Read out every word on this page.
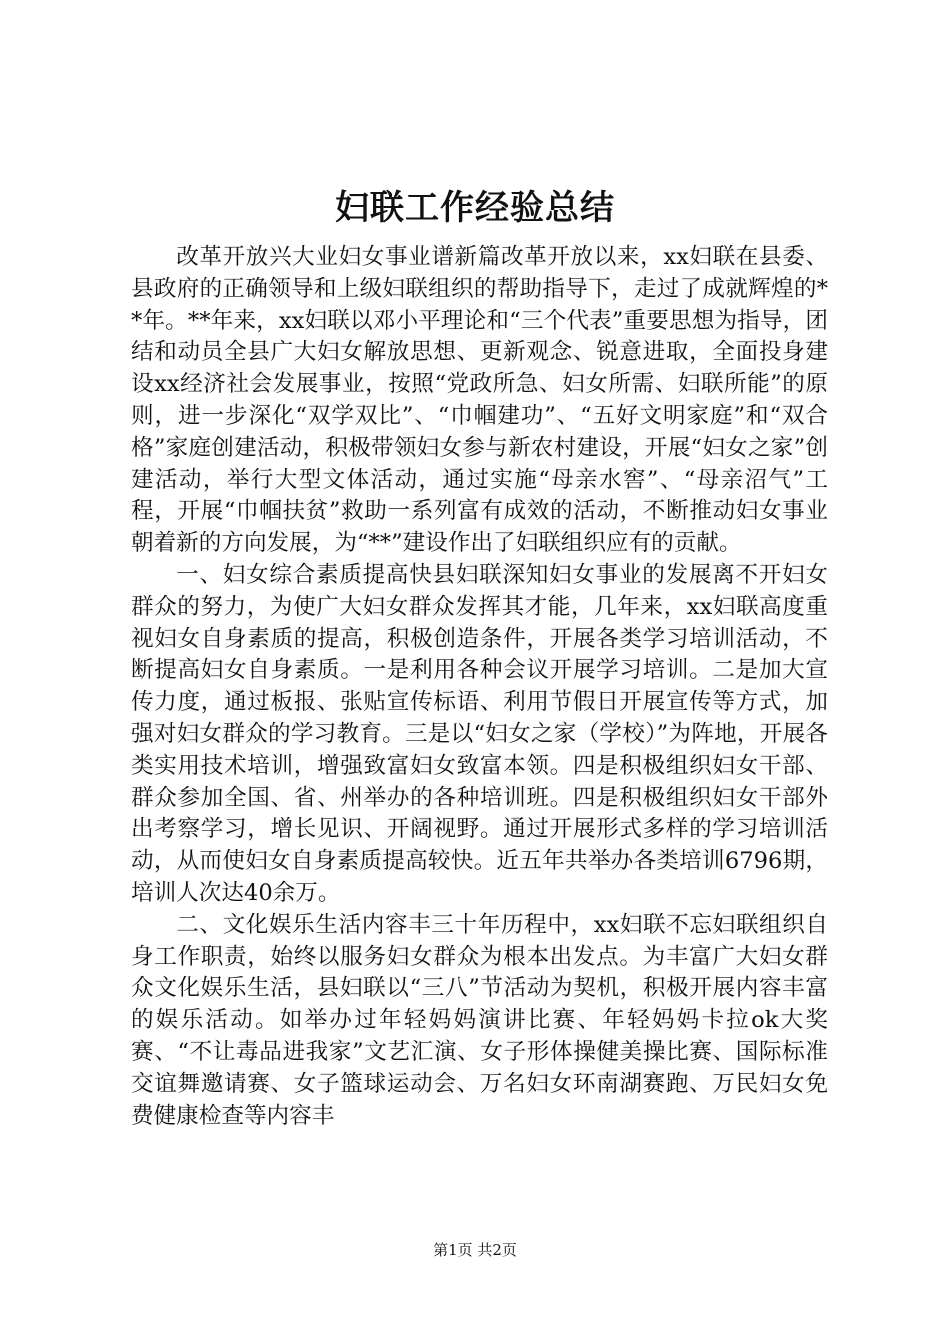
妇联工作经验总结

改革开放兴大业妇女事业谱新篇改革开放以来，xx妇联在县委、县政府的正确领导和上级妇联组织的帮助指导下，走过了成就辉煌的**年。**年来，xx妇联以邓小平理论和“三个代表”重要思想为指导，团结和动员全县广大妇女解放思想、更新观念、锐意进取，全面投身建设xx经济社会发展事业，按照“党政所急、妇女所需、妇联所能”的原则，进一步深化“双学双比”、“巾帼建功”、“五好文明家庭”和“双合格”家庭创建活动，积极带领妇女参与新农村建设，开展“妇女之家”创建活动，举行大型文体活动，通过实施“母亲水窖”、“母亲沼气”工程，开展“巾帼扶贫”救助一系列富有成效的活动，不断推动妇女事业朝着新的方向发展，为“**”建设作出了妇联组织应有的贡献。

一、妇女综合素质提高快县妇联深知妇女事业的发展离不开妇女群众的努力，为使广大妇女群众发挥其才能，几年来，xx妇联高度重视妇女自身素质的提高，积极创造条件，开展各类学习培训活动，不断提高妇女自身素质。一是利用各种会议开展学习培训。二是加大宣传力度，通过板报、张贴宣传标语、利用节假日开展宣传等方式，加强对妇女群众的学习教育。三是以“妇女之家（学校）”为阵地，开展各类实用技术培训，增强致富妇女致富本领。四是积极组织妇女干部、群众参加全国、省、州举办的各种培训班。四是积极组织妇女干部外出考察学习，增长见识、开阔视野。通过开展形式多样的学习培训活动，从而使妇女自身素质提高较快。近五年共举办各类培训6796期，培训人次达40余万。

二、文化娱乐生活内容丰三十年历程中，xx妇联不忘妇联组织自身工作职责，始终以服务妇女群众为根本出发点。为丰富广大妇女群众文化娱乐生活，县妇联以“三八”节活动为契机，积极开展内容丰富的娱乐活动。如举办过年轻妈妈演讲比赛、年轻妈妈卡拉ok大奖赛、“不让毒品进我家”文艺汇演、女子形体操健美操比赛、国际标准交谊舞邀请赛、女子篮球运动会、万名妇女环南湖赛跑、万民妇女免费健康检查等内容丰

第1页 共2页
